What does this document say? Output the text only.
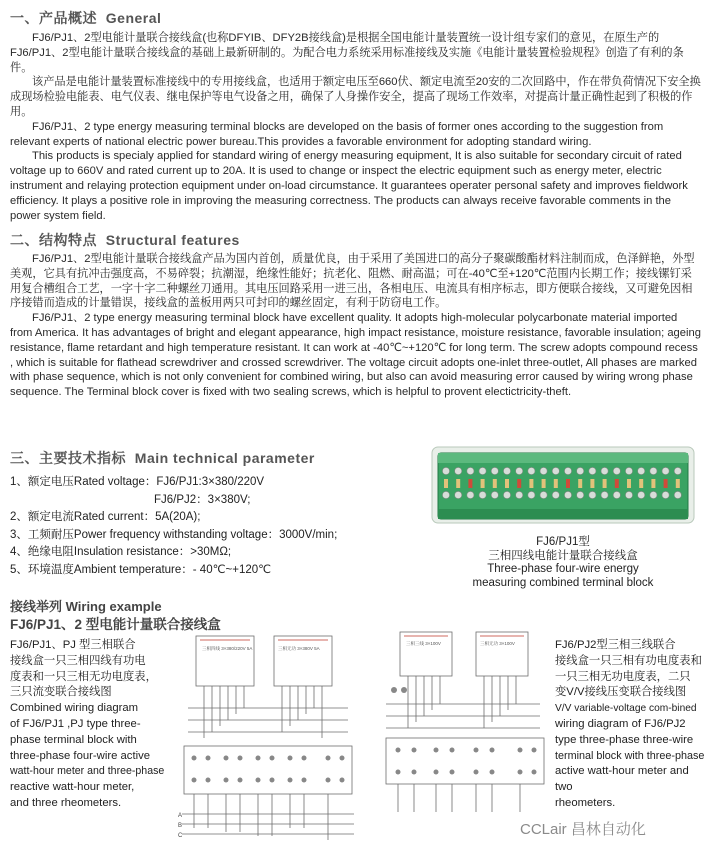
一、产品概述 General

FJ6/PJ1、2型电能计量联合接线盒(也称DFYIB、DFY2B接线盒)是根据全国电能计量装置统一设计组专家们的意见，在原生产的FJ6/PJ1、2型电能计量联合接线盒的基础上最新研制的。为配合电力系统采用标准接线及实施《电能计量装置检验规程》创造了有利的条件。

该产品是电能计量装置标准接线中的专用接线盒，也适用于额定电压至660伏、额定电流至20安的二次回路中，作在带负荷情况下安全换成现场检验电能表、电气仪表、继电保护等电气设备之用，确保了人身操作安全，提高了现场工作效率，对提高计量正确性起到了积极的作用。

FJ6/PJ1、2 type energy measuring terminal blocks are developed on the basis of former ones according to the suggestion from relevant experts of national electric power bureau.This provides a favorable environment for adopting standard wiring.

This products is specialy applied for standard wiring of energy measuring equipment, It is also suitable for secondary circuit of rated voltage up to 660V and rated current up to 20A. It is used to change or inspect the electric equipment such as energy meter, electric instrument and relaying protection equipment under on-load circumstance. It guarantees operater personal safety and improves fieldwork efficiency. It plays a positive role in improving the measuring correctness. The products can always receive favorable comments in the power system field.

二、结构特点 Structural features

FJ6/PJ1、2型电能计量联合接线盒产品为国内首创，质量优良，由于采用了美国进口的高分子聚碳酸酯材料注制而成，色泽鲜艳，外型美观，它具有抗冲击强度高，不易碎裂；抗潮湿，绝缘性能好；抗老化、阻燃、耐高温；可在-40℃至+120℃范围内长期工作；接线镙钉采用复合槽组合工艺，一字十字二种螺丝刀通用。其电压回路采用一进三出，各相电压、电流具有相序标志，即方便联合接线，又可避免因相序接错而造成的计量错误，接线盒的盖板用两只可封印的螺丝固定，有利于防窃电工作。

FJ6/PJ1、2 type energy measuring terminal block have excellent quality. It adopts high-molecular polycarbonate material imported from America. It has advantages of bright and elegant appearance, high impact resistance, moisture resistance, favorable insulation; ageing resistance, flame retardant and high temperature resistant. It can work at -40℃~+120℃ for long term. The screw adopts compound recess , which is suitable for flathead screwdriver and crossed screwdriver. The voltage circuit adopts one-inlet three-outlet, All phases are marked with phase sequence, which is not only convenient for combined wiring, but also can avoid measuring error caused by wiring wrong phase sequence. The Terminal block cover is fixed with two sealing screws, which is helpful to provent electictricity-theft.

三、主要技术指标 Main technical parameter
1、额定电压Rated voltage：FJ6/PJ1:3×380/220V
FJ6/PJ2：3×380V;
2、额定电流Rated current：5A(20A);
3、工频耐压Power frequency withstanding voltage：3000V/min;
4、绝缘电阻Insulation resistance：>30MΩ;
5、环境温度Ambient temperature：- 40℃~+120℃
FJ6/PJ1型
三相四线电能计量联合接线盒
Three-phase four-wire energy
measuring combined terminal block
接线举列 Wiring example
FJ6/PJ1、2 型电能计量联合接线盒
FJ6/PJ1、PJ 型三相联合
接线盒一只三相四线有功电
度表和一只三相无功电度表，
三只流变联合接线图
Combined wiring diagram
of FJ6/PJ1 ,PJ type three-
phase terminal block with
three-phase four-wire active
watt-hour meter and three-phase
reactive watt-hour meter,
and three rheometers.
FJ6/PJ2型三相三线联合
接线盒一只三相有功电度表和
一只三相无功电度表，二只
变V/V接线压变联合接线图
V/V variable-voltage com-bined
wiring diagram of FJ6/PJ2
type three-phase three-wire
terminal block with three-phase
active watt-hour meter and two
rheometers.
三相四线 3×380/220V 5A	三相无功 3×380V 5A
A
B
C
三相三线 3×100V	三相无功 3×100V
CCLair 昌林自动化
